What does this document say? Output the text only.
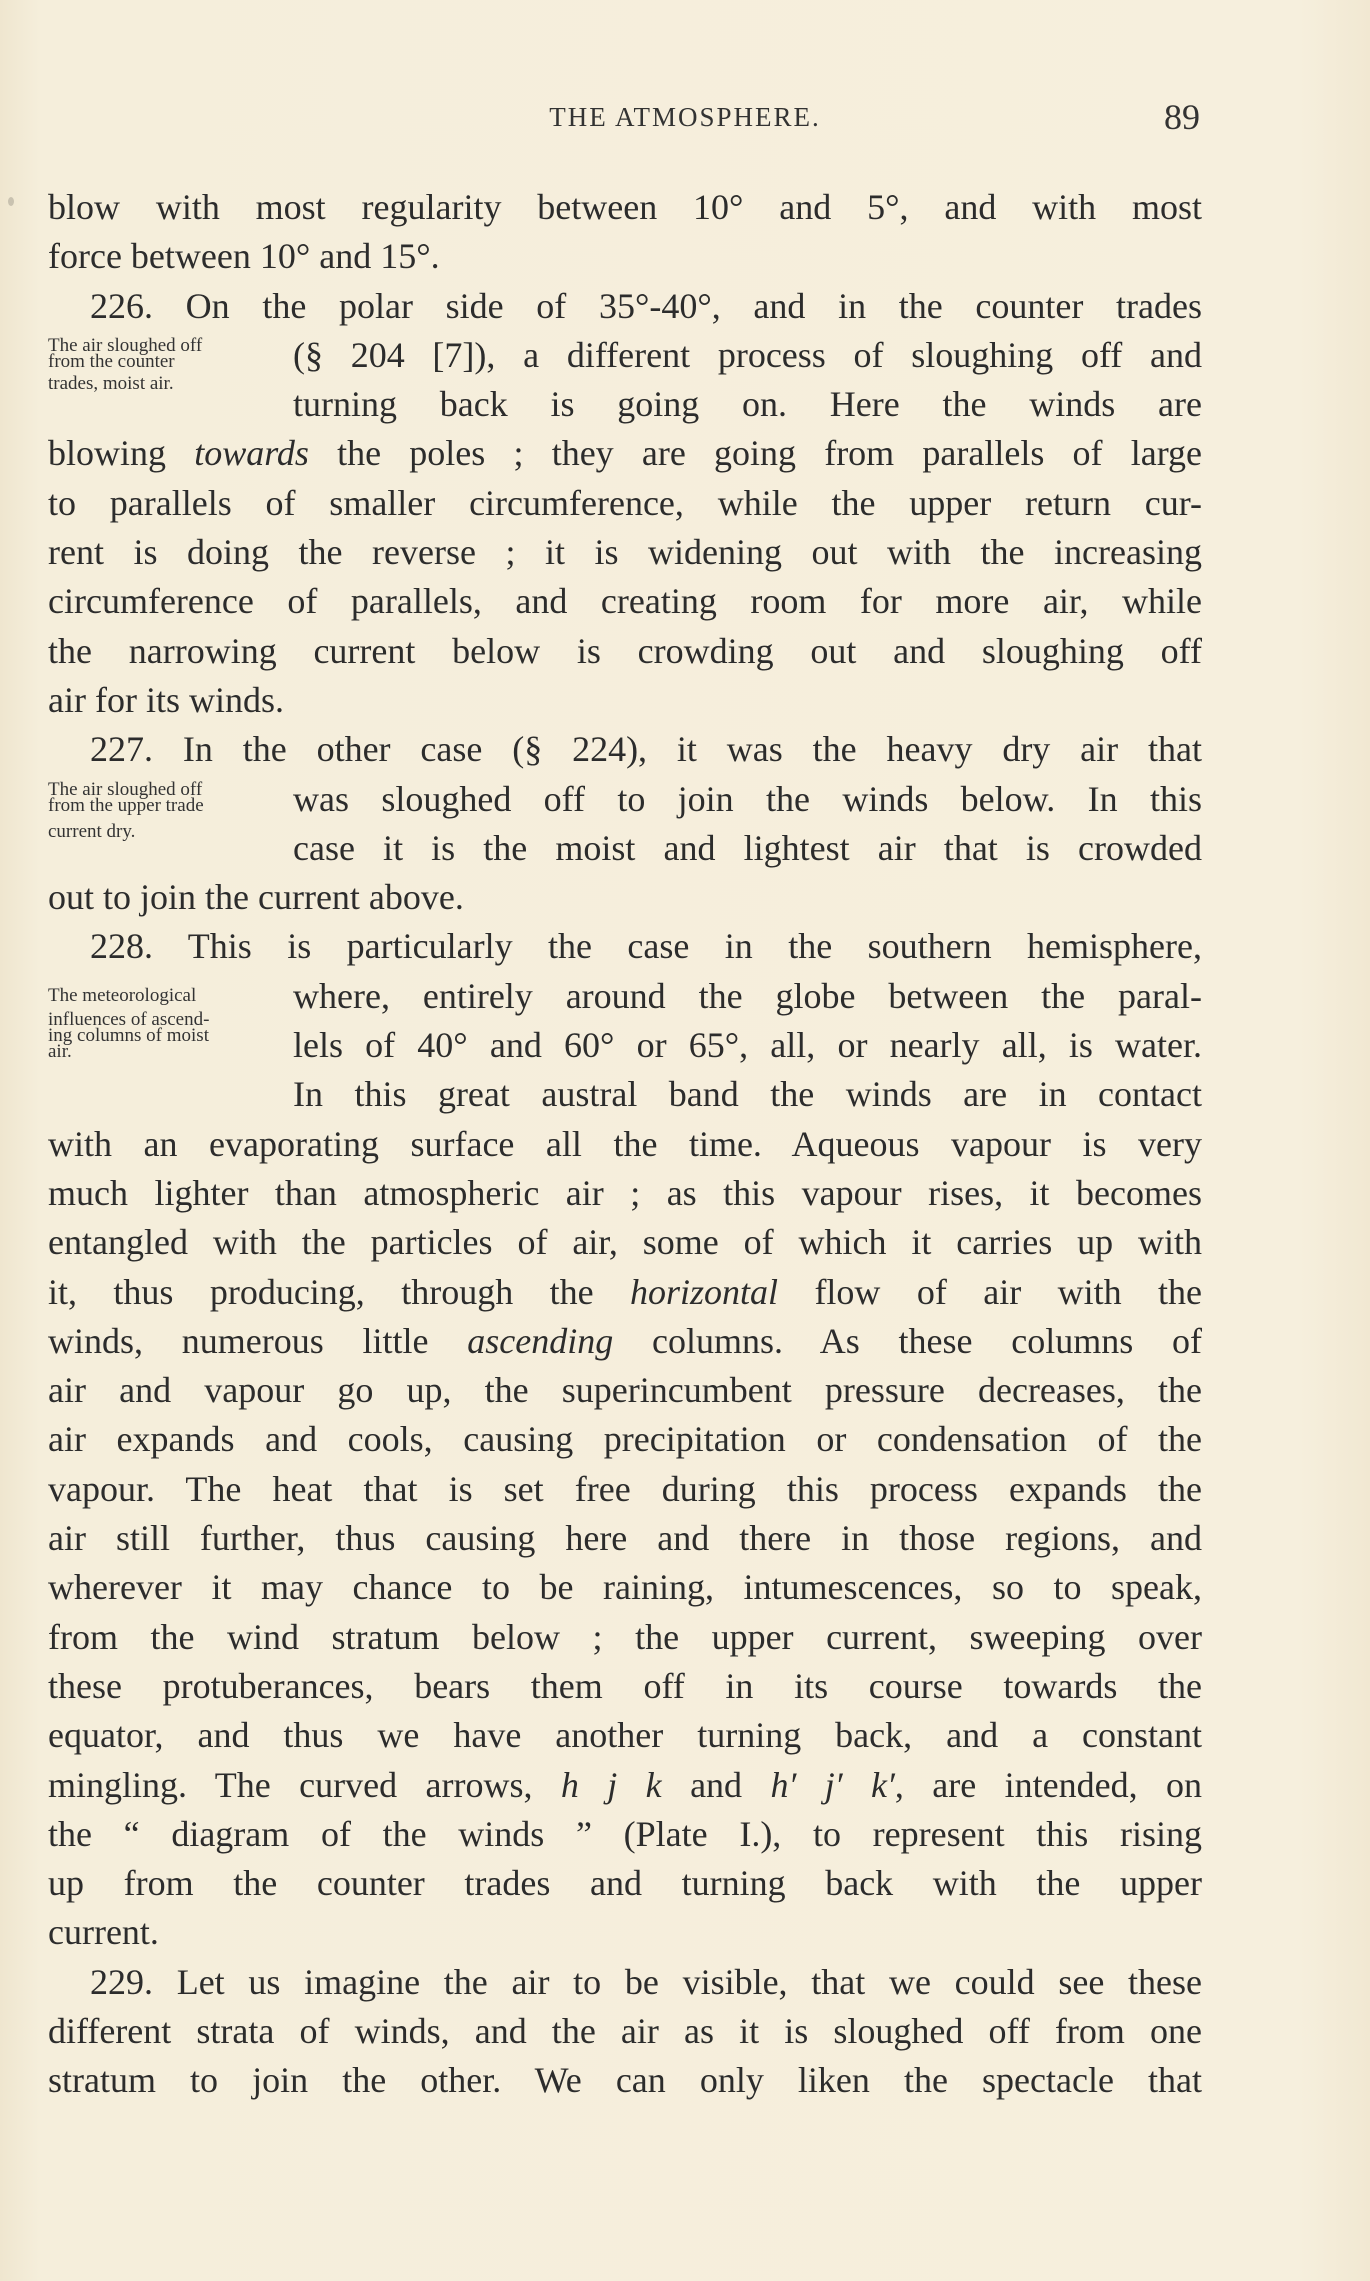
THE ATMOSPHERE.	89
The air sloughed off
from the counter
trades, moist air.
The air sloughed off
from the upper trade
current dry.
The meteorological
influences of ascend-
ing columns of moist
air.
blow with most regularity between 10° and 5°, and with most
force between 10° and 15°.
226. On the polar side of 35°-40°, and in the counter trades
(§ 204 [7]), a different process of sloughing off and
turning back is going on. Here the winds are
blowing towards the poles ; they are going from parallels of large
to parallels of smaller circumference, while the upper return cur-
rent is doing the reverse ; it is widening out with the increasing
circumference of parallels, and creating room for more air, while
the narrowing current below is crowding out and sloughing off
air for its winds.
227. In the other case (§ 224), it was the heavy dry air that
was sloughed off to join the winds below. In this
case it is the moist and lightest air that is crowded
out to join the current above.
228. This is particularly the case in the southern hemisphere,
where, entirely around the globe between the paral-
lels of 40° and 60° or 65°, all, or nearly all, is water.
In this great austral band the winds are in contact
with an evaporating surface all the time. Aqueous vapour is very
much lighter than atmospheric air ; as this vapour rises, it becomes
entangled with the particles of air, some of which it carries up with
it, thus producing, through the horizontal flow of air with the
winds, numerous little ascending columns. As these columns of
air and vapour go up, the superincumbent pressure decreases, the
air expands and cools, causing precipitation or condensation of the
vapour. The heat that is set free during this process expands the
air still further, thus causing here and there in those regions, and
wherever it may chance to be raining, intumescences, so to speak,
from the wind stratum below ; the upper current, sweeping over
these protuberances, bears them off in its course towards the
equator, and thus we have another turning back, and a constant
mingling. The curved arrows, h j k and h′ j′ k′, are intended, on
the “ diagram of the winds ” (Plate I.), to represent this rising
up from the counter trades and turning back with the upper
current.
229. Let us imagine the air to be visible, that we could see these
different strata of winds, and the air as it is sloughed off from one
stratum to join the other. We can only liken the spectacle that
